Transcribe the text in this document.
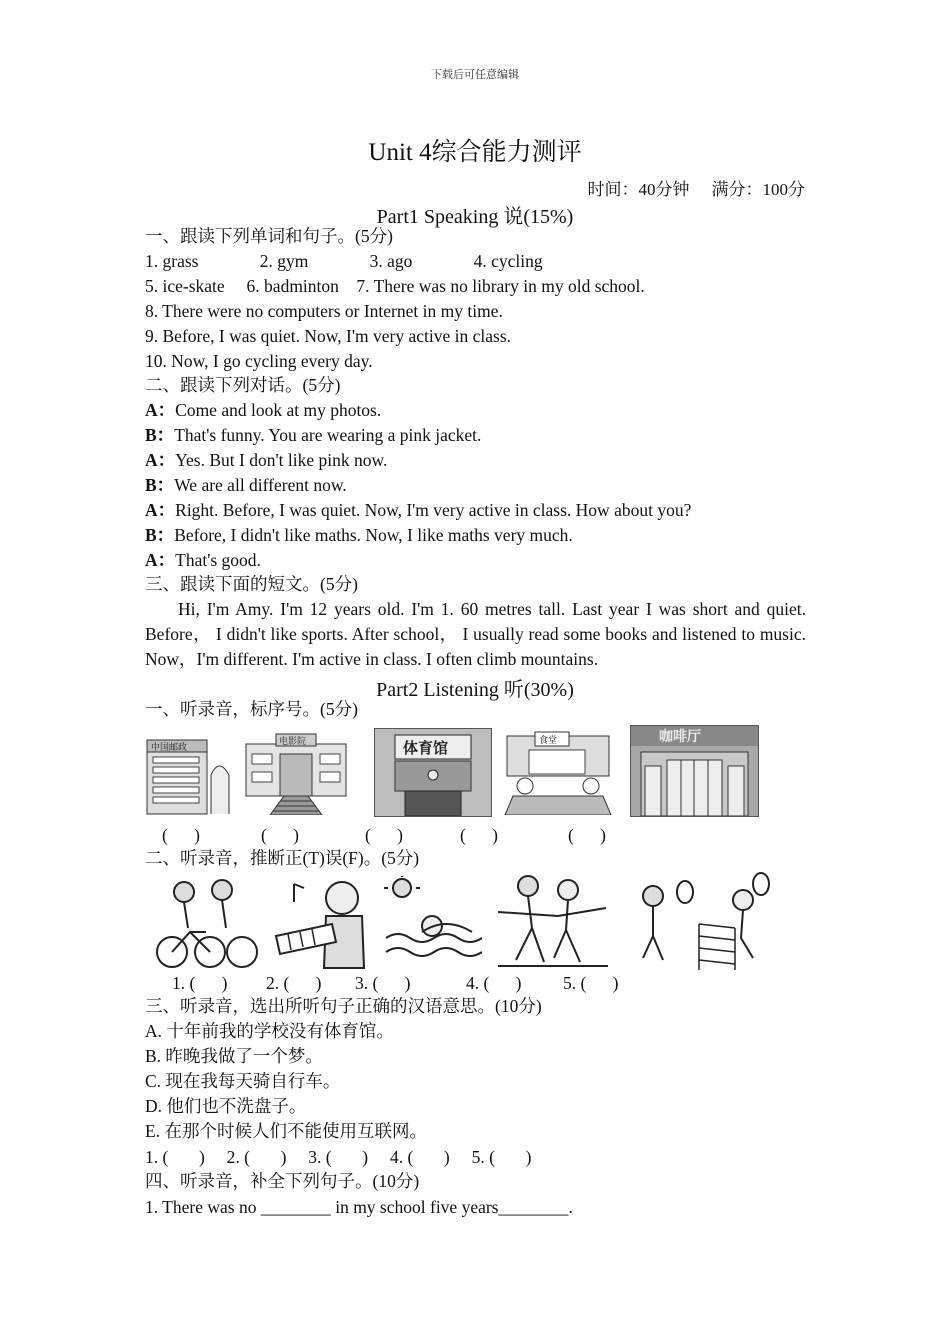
下载后可任意编辑
Unit 4综合能力测评
时间：40分钟 满分：100分
Part1 Speaking 说(15%)
一、跟读下列单词和句子。(5分)
1. grass              2. gym              3. ago              4. cycling
5. ice-skate     6. badminton    7. There was no library in my old school.
8. There were no computers or Internet in my time.
9. Before, I was quiet. Now, I'm very active in class.
10. Now, I go cycling every day.
二、跟读下列对话。(5分)
A：Come and look at my photos.
B：That's funny. You are wearing a pink jacket.
A：Yes. But I don't like pink now.
B：We are all different now.
A：Right. Before, I was quiet. Now, I'm very active in class. How about you?
B：Before, I didn't like maths. Now, I like maths very much.
A：That's good.
三、跟读下面的短文。(5分)
Hi, I'm Amy. I'm 12 years old. I'm 1. 60 metres tall. Last year I was short and quiet. Before， I didn't like sports. After school， I usually read some books and listened to music. Now，I'm different. I'm active in class. I often climb mountains.
Part2 Listening 听(30%)
一、听录音，标序号。(5分)
中国邮政
电影院	体育馆
食堂	咖啡厅
(      )	(      )	(      )	(      )	(      )
二、听录音，推断正(T)误(F)。(5分)
1. (      ) 2. (      ) 3. (      )	4. (      ) 5. (      )
三、听录音，选出所听句子正确的汉语意思。(10分)
A. 十年前我的学校没有体育馆。
B. 昨晚我做了一个梦。
C. 现在我每天骑自行车。
D. 他们也不洗盘子。
E. 在那个时候人们不能使用互联网。
1. (       )     2. (       )     3. (       )     4. (       )     5. (       )
四、听录音，补全下列句子。(10分)
1. There was no ________ in my school five years________.
